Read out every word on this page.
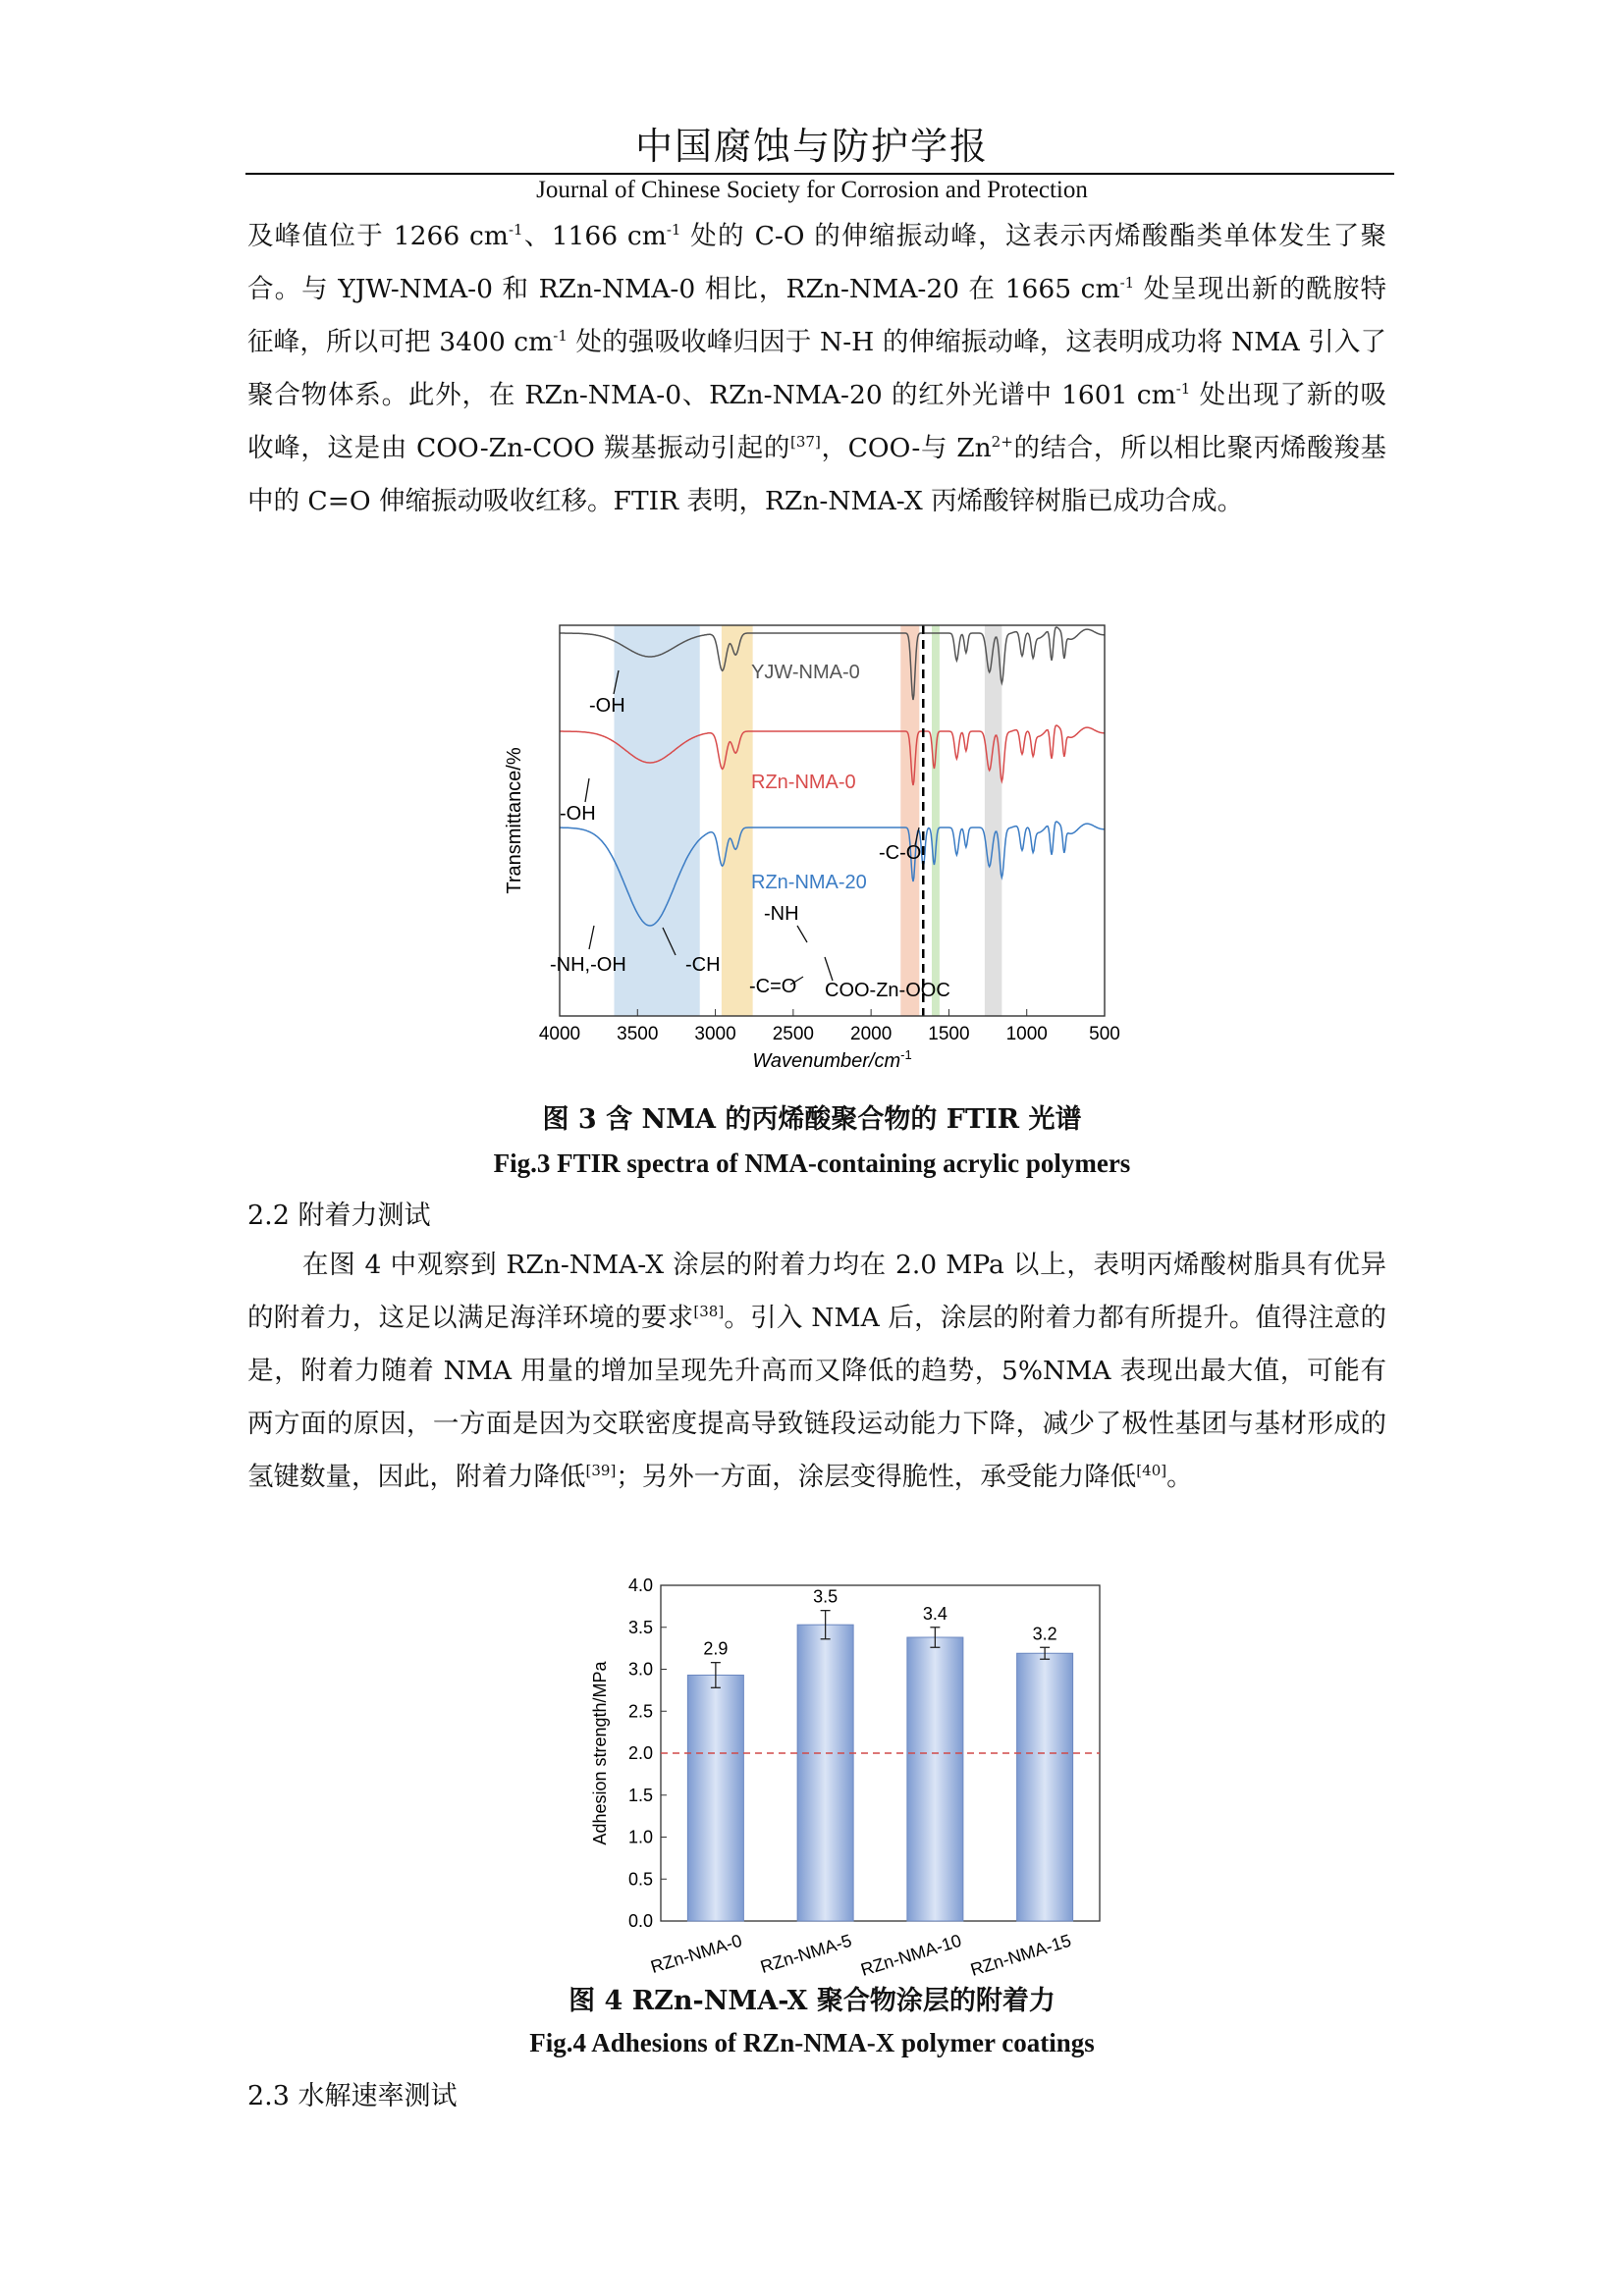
中国腐蚀与防护学报
Journal of Chinese Society for Corrosion and Protection

及峰值位于 1266 $cm^{-1}$、1166 $cm^{-1}$ 处的 C-O 的伸缩振动峰，这表示丙烯酸酯类单体发生了聚合。与 YJW-NMA-0 和 RZn-NMA-0 相比，RZn-NMA-20 在 1665 $cm^{-1}$ 处呈现出新的酰胺特征峰，所以可把 3400 $cm^{-1}$ 处的强吸收峰归因于 N-H 的伸缩振动峰，这表明成功将 NMA 引入了聚合物体系。此外，在 RZn-NMA-0、RZn-NMA-20 的红外光谱中 1601 $cm^{-1}$ 处出现了新的吸收峰，这是由 COO-Zn-COO 羰基振动引起的[37]，COO-与 $Zn^{2+}$的结合，所以相比聚丙烯酸羧基中的 C=O 伸缩振动吸收红移。FTIR 表明，RZn-NMA-X 丙烯酸锌树脂已成功合成。

4000 3500 3000 2500 2000 1500 1000 500
Wavenumber/$cm^{-1}$
Transmittance/%
YJW-NMA-0
RZn-NMA-0
RZn-NMA-20
-OH
-OH
-NH,-OH	-CH
-NH
-C=O COO-Zn-OOC
-C-O
图 3 含 NMA 的丙烯酸聚合物的 FTIR 光谱
Fig.3 FTIR spectra of NMA-containing acrylic polymers
2.2 附着力测试

在图 4 中观察到 RZn-NMA-X 涂层的附着力均在 2.0 MPa 以上，表明丙烯酸树脂具有优异的附着力，这足以满足海洋环境的要求[38]。引入 NMA 后，涂层的附着力都有所提升。值得注意的是，附着力随着 NMA 用量的增加呈现先升高而又降低的趋势，5%NMA 表现出最大值，可能有两方面的原因，一方面是因为交联密度提高导致链段运动能力下降，减少了极性基团与基材形成的氢键数量，因此，附着力降低[39]；另外一方面，涂层变得脆性，承受能力降低[40]。

0.0
0.5
1.0
1.5
2.0
2.5
3.0
3.5
4.0
2.9
RZn-NMA-0
3.5
RZn-NMA-5
3.4
RZn-NMA-10
3.2
RZn-NMA-15
Adhesion strength/MPa
图 4 RZn-NMA-X 聚合物涂层的附着力
Fig.4 Adhesions of RZn-NMA-X polymer coatings
2.3 水解速率测试
